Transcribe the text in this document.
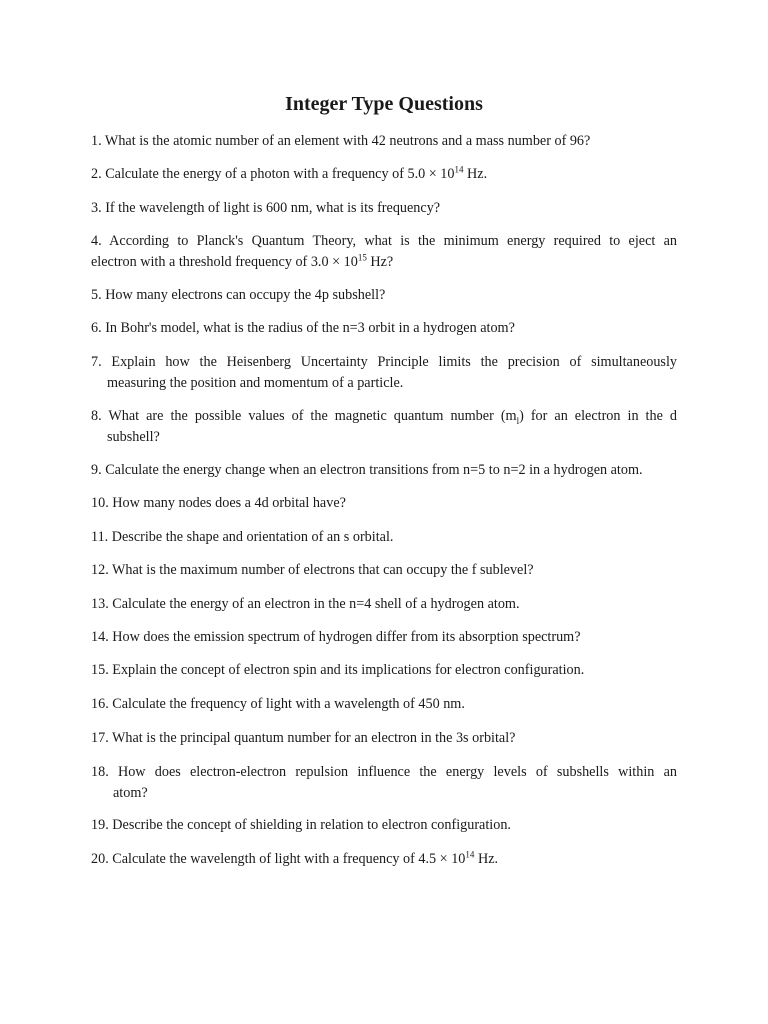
Integer Type Questions

1. What is the atomic number of an element with 42 neutrons and a mass number of 96?

2. Calculate the energy of a photon with a frequency of $5.0 \times 10^{14}$ Hz.

3. If the wavelength of light is 600 nm, what is its frequency?

4. According to Planck's Quantum Theory, what is the minimum energy required to eject an
electron with a threshold frequency of $3.0 \times 10^{15}$ Hz?

5. How many electrons can occupy the 4p subshell?

6. In Bohr's model, what is the radius of the n=3 orbit in a hydrogen atom?

7. Explain how the Heisenberg Uncertainty Principle limits the precision of simultaneously
measuring the position and momentum of a particle.
8. What are the possible values of the magnetic quantum number $(m_l)$ for an electron in the d
subshell?

9. Calculate the energy change when an electron transitions from n=5 to n=2 in a hydrogen atom.

10. How many nodes does a 4d orbital have?

11. Describe the shape and orientation of an s orbital.

12. What is the maximum number of electrons that can occupy the f sublevel?

13. Calculate the energy of an electron in the n=4 shell of a hydrogen atom.

14. How does the emission spectrum of hydrogen differ from its absorption spectrum?

15. Explain the concept of electron spin and its implications for electron configuration.

16. Calculate the frequency of light with a wavelength of 450 nm.

17. What is the principal quantum number for an electron in the 3s orbital?

18. How does electron-electron repulsion influence the energy levels of subshells within an
atom?

19. Describe the concept of shielding in relation to electron configuration.

20. Calculate the wavelength of light with a frequency of $4.5 \times 10^{14}$ Hz.
